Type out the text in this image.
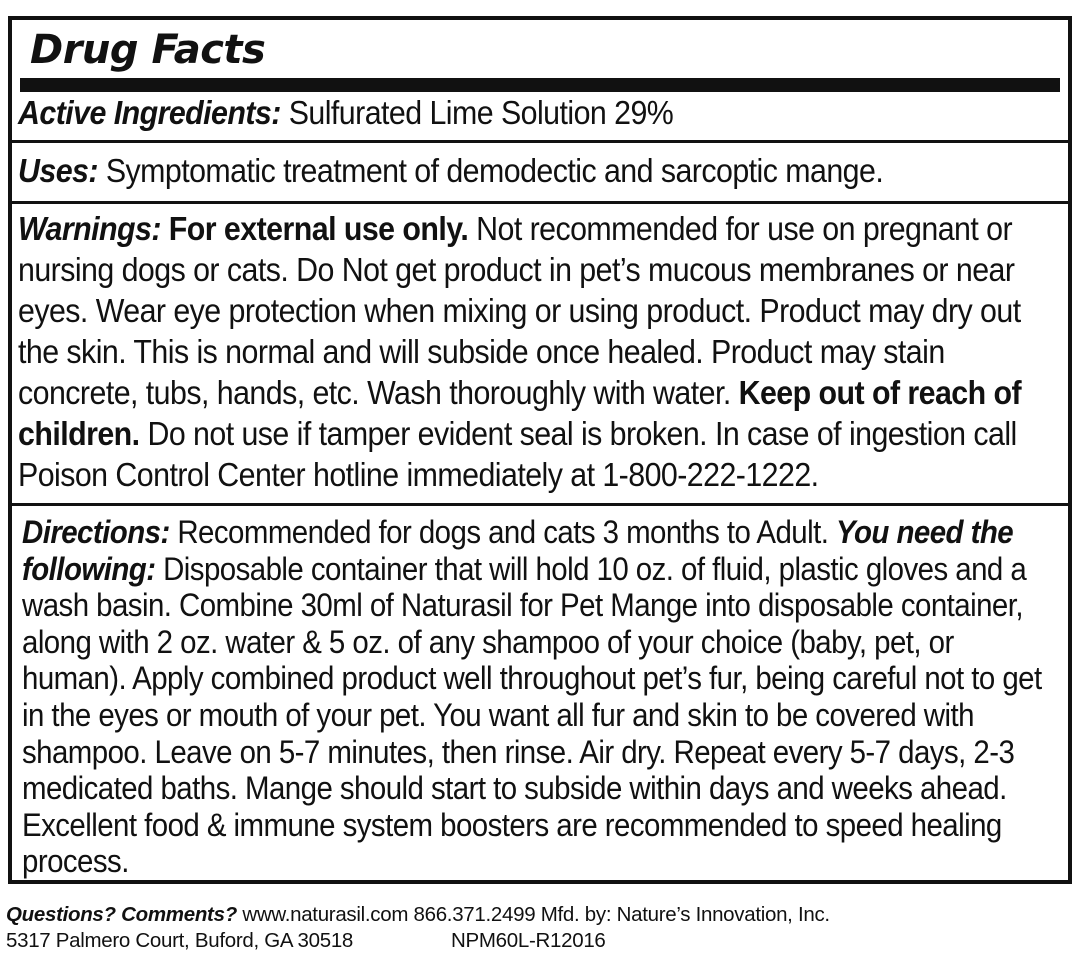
Drug Facts
Active Ingredients: Sulfurated Lime Solution 29%
Uses: Symptomatic treatment of demodectic and sarcoptic mange.
Warnings: For external use only. Not recommended for use on pregnant or nursing dogs or cats. Do Not get product in pet’s mucous membranes or near eyes. Wear eye protection when mixing or using product. Product may dry out the skin. This is normal and will subside once healed. Product may stain concrete, tubs, hands, etc. Wash thoroughly with water. Keep out of reach of children. Do not use if tamper evident seal is broken. In case of ingestion call Poison Control Center hotline immediately at 1-800-222-1222.
Directions: Recommended for dogs and cats 3 months to Adult. You need the following: Disposable container that will hold 10 oz. of fluid, plastic gloves and a wash basin. Combine 30ml of Naturasil for Pet Mange into disposable container, along with 2 oz. water & 5 oz. of any shampoo of your choice (baby, pet, or human). Apply combined product well throughout pet’s fur, being careful not to get in the eyes or mouth of your pet. You want all fur and skin to be covered with shampoo. Leave on 5-7 minutes, then rinse. Air dry. Repeat every 5-7 days, 2-3 medicated baths. Mange should start to subside within days and weeks ahead. Excellent food & immune system boosters are recommended to speed healing process.
Questions? Comments? www.naturasil.com 866.371.2499 Mfd. by: Nature’s Innovation, Inc.
5317 Palmero Court, Buford, GA 30518	NPM60L-R12016
